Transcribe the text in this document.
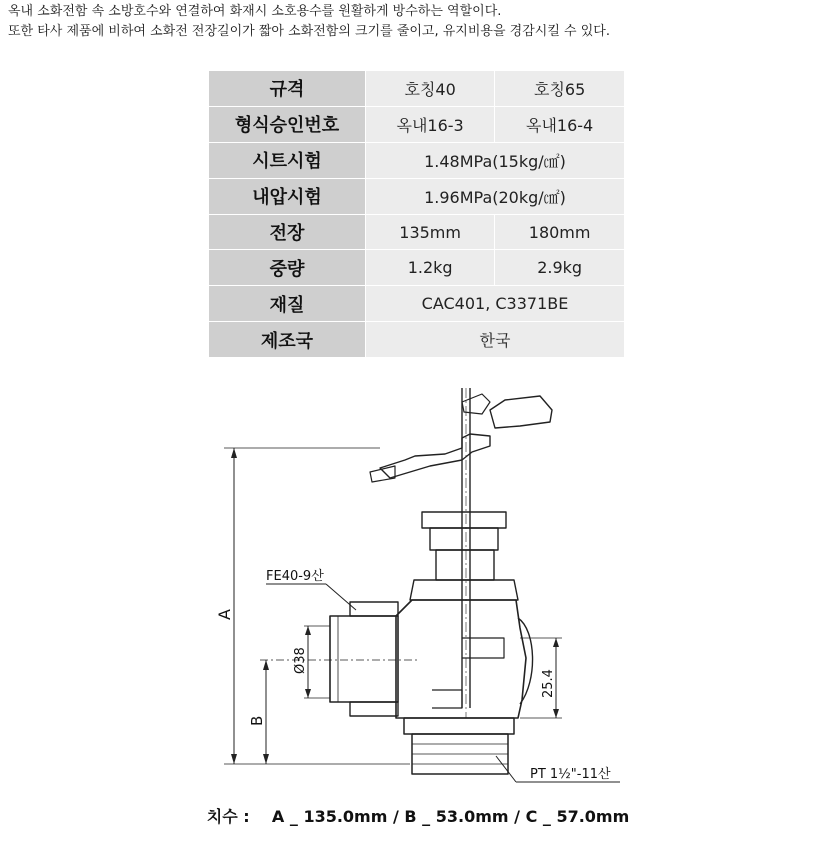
옥내 소화전함 속 소방호수와 연결하여 화재시 소호용수를 원활하게 방수하는 역할이다.
또한 타사 제품에 비하여 소화전 전장길이가 짧아 소화전함의 크기를 줄이고, 유지비용을 경감시킬 수 있다.
규격	호칭40	호칭65
형식승인번호	옥내16-3	옥내16-4
시트시험	1.48MPa(15kg/㎠)	
내압시험	1.96MPa(20kg/㎠)	
전장	135mm	180mm
중량	1.2kg	2.9kg
재질	CAC401, C3371BE	
제조국	한국	
FE40-9산
A
B
Ø38
25.4
PT 1½"-11산
치수 : A _ 135.0mm / B _ 53.0mm / C _ 57.0mm
